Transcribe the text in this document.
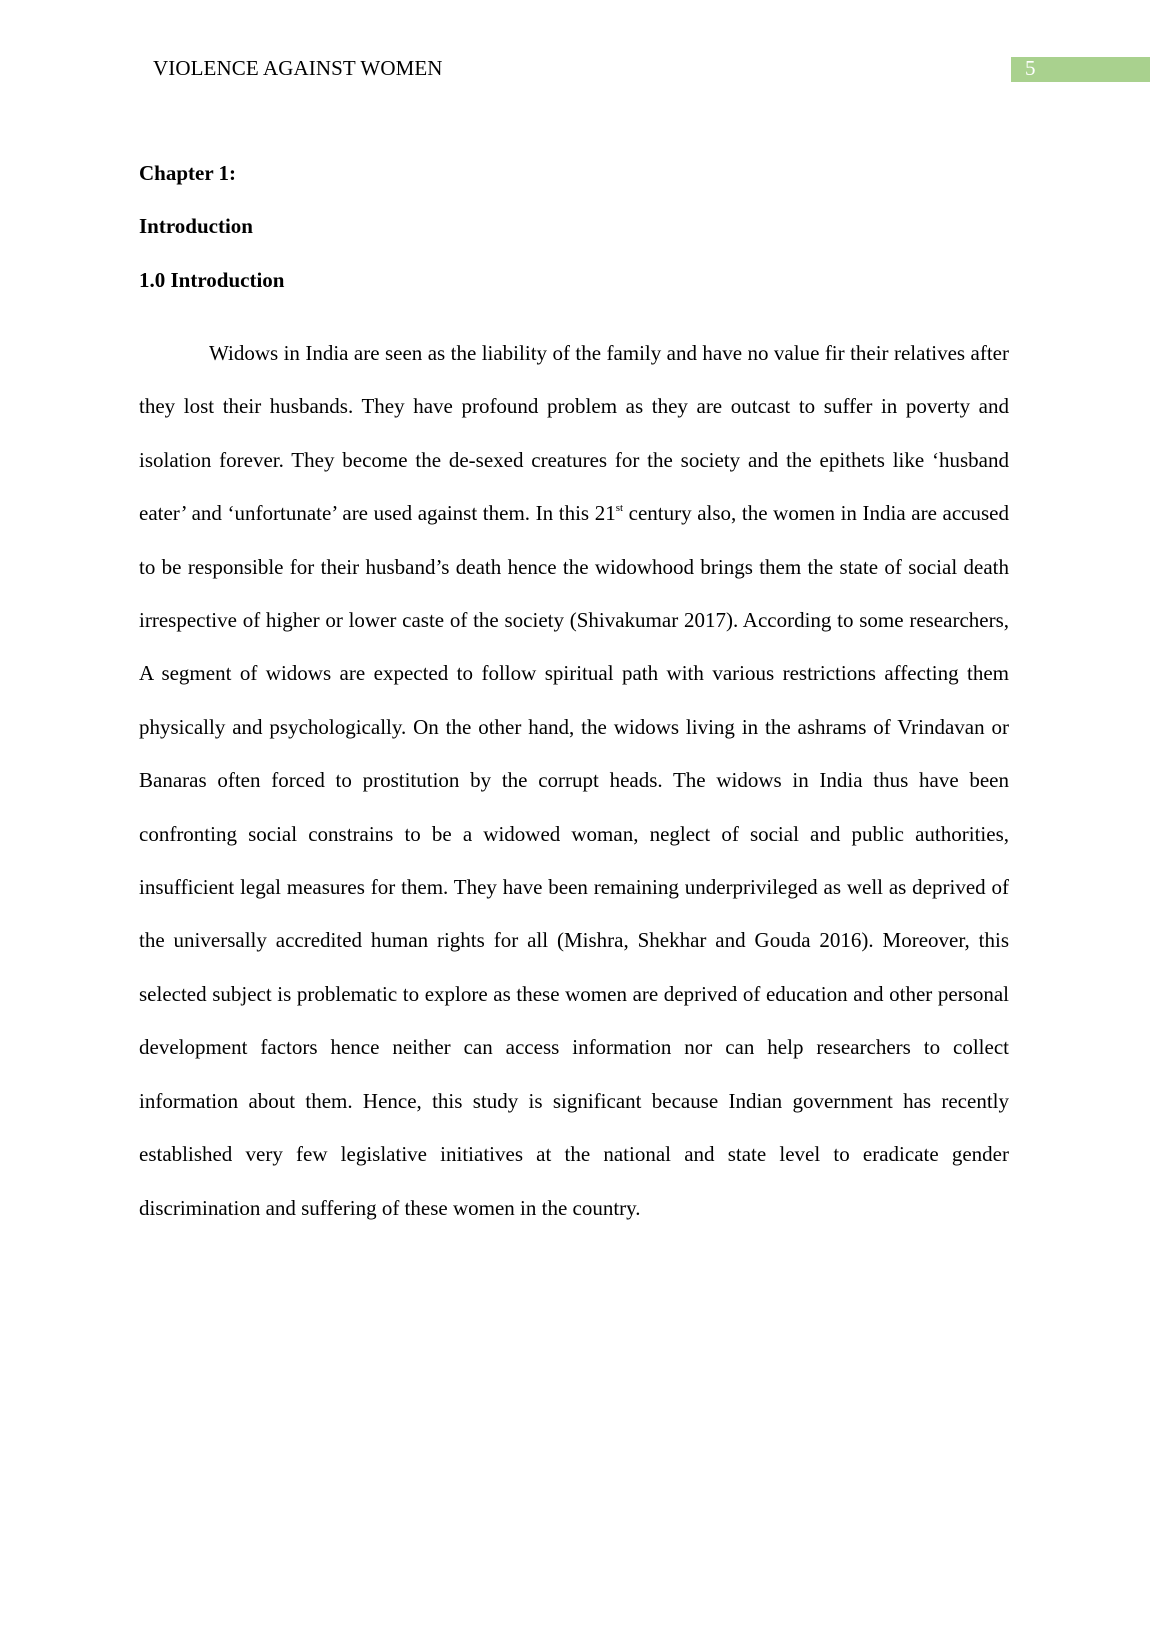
VIOLENCE AGAINST WOMEN	5
Chapter 1:
Introduction
1.0 Introduction

Widows in India are seen as the liability of the family and have no value fir their relatives after they lost their husbands. They have profound problem as they are outcast to suffer in poverty and isolation forever. They become the de-sexed creatures for the society and the epithets like ‘husband eater’ and ‘unfortunate’ are used against them. In this 21st century also, the women in India are accused to be responsible for their husband’s death hence the widowhood brings them the state of social death irrespective of higher or lower caste of the society (Shivakumar 2017). According to some researchers, A segment of widows are expected to follow spiritual path with various restrictions affecting them physically and psychologically. On the other hand, the widows living in the ashrams of Vrindavan or Banaras often forced to prostitution by the corrupt heads. The widows in India thus have been confronting social constrains to be a widowed woman, neglect of social and public authorities, insufficient legal measures for them. They have been remaining underprivileged as well as deprived of the universally accredited human rights for all (Mishra, Shekhar and Gouda 2016). Moreover, this selected subject is problematic to explore as these women are deprived of education and other personal development factors hence neither can access information nor can help researchers to collect information about them. Hence, this study is significant because Indian government has recently established very few legislative initiatives at the national and state level to eradicate gender discrimination and suffering of these women in the country.
